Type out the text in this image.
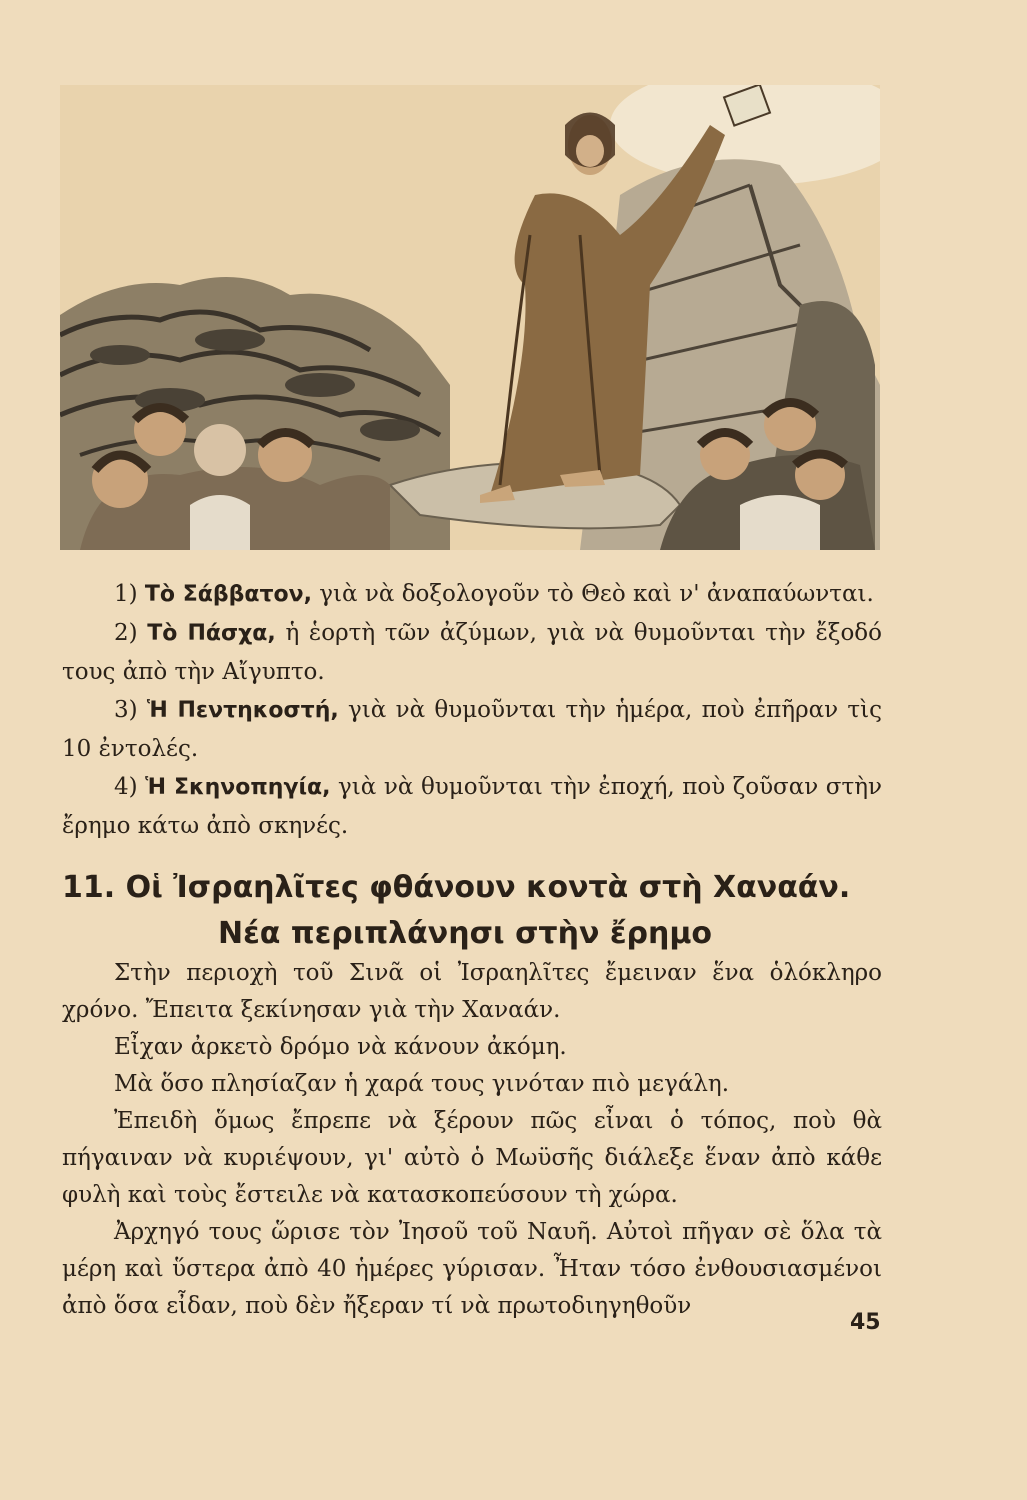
1) Τὸ Σάββατον, γιὰ νὰ δοξολογοῦν τὸ Θεὸ καὶ ν' ἀναπαύωνται.
2) Τὸ Πάσχα, ἡ ἑορτὴ τῶν ἀζύμων, γιὰ νὰ θυμοῦνται τὴν ἔξοδό τους ἀπὸ τὴν Αἴγυπτο.
3) Ἡ Πεντηκοστή, γιὰ νὰ θυμοῦνται τὴν ἡμέρα, ποὺ ἐπῆραν τὶς 10 ἐντολές.
4) Ἡ Σκηνοπηγία, γιὰ νὰ θυμοῦνται τὴν ἐποχή, ποὺ ζοῦσαν στὴν ἔρημο κάτω ἀπὸ σκηνές.
11. Οἱ Ἰσραηλῖτες φθάνουν κοντὰ στὴ Χαναάν.
Νέα περιπλάνησι στὴν ἔρημο

Στὴν περιοχὴ τοῦ Σινᾶ οἱ Ἰσραηλῖτες ἔμειναν ἕνα ὁλόκληρο χρόνο. Ἔπειτα ξεκίνησαν γιὰ τὴν Χαναάν.

Εἶχαν ἀρκετὸ δρόμο νὰ κάνουν ἀκόμη.

Μὰ ὅσο πλησίαζαν ἡ χαρά τους γινόταν πιὸ μεγάλη.

Ἐπειδὴ ὅμως ἔπρεπε νὰ ξέρουν πῶς εἶναι ὁ τόπος, ποὺ θὰ πήγαιναν νὰ κυριέψουν, γι' αὐτὸ ὁ Μωϋσῆς διάλεξε ἕναν ἀπὸ κάθε φυλὴ καὶ τοὺς ἔστειλε νὰ κατασκοπεύσουν τὴ χώρα.

Ἀρχηγό τους ὥρισε τὸν Ἰησοῦ τοῦ Ναυῆ. Αὐτοὶ πῆγαν σὲ ὅλα τὰ μέρη καὶ ὕστερα ἀπὸ 40 ἡμέρες γύρισαν. Ἦταν τόσο ἐνθουσιασμένοι ἀπὸ ὅσα εἶδαν, ποὺ δὲν ἤξεραν τί νὰ πρωτοδιηγηθοῦν

45
